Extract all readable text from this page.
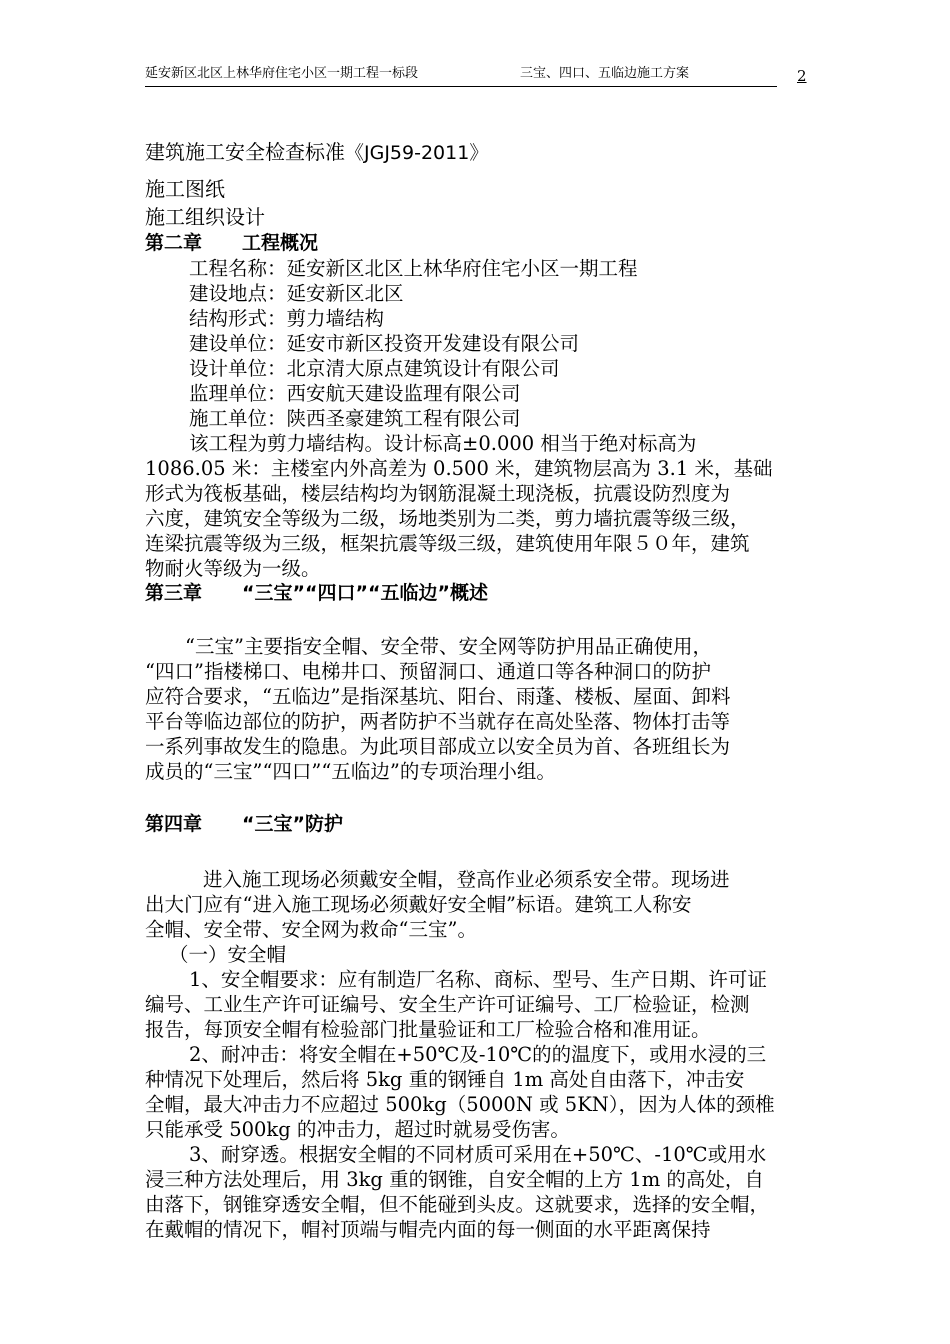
延安新区北区上林华府住宅小区一期工程一标段	三宝、四口、五临边施工方案	2
建筑施工安全检查标准《JGJ59-2011》
施工图纸
施工组织设计
第二章 工程概况
工程名称：延安新区北区上林华府住宅小区一期工程
建设地点：延安新区北区
结构形式：剪力墙结构
建设单位：延安市新区投资开发建设有限公司
设计单位：北京清大原点建筑设计有限公司
监理单位：西安航天建设监理有限公司
施工单位：陕西圣豪建筑工程有限公司
该工程为剪力墙结构。设计标高±0.000 相当于绝对标高为
1086.05 米：主楼室内外高差为 0.500 米，建筑物层高为 3.1 米，基础
形式为筏板基础，楼层结构均为钢筋混凝土现浇板，抗震设防烈度为
六度，建筑安全等级为二级，场地类别为二类，剪力墙抗震等级三级，
连梁抗震等级为三级，框架抗震等级三级，建筑使用年限５０年，建筑
物耐火等级为一级。
第三章 “三宝”“四口”“五临边”概述
“三宝”主要指安全帽、安全带、安全网等防护用品正确使用，
“四口”指楼梯口、电梯井口、预留洞口、通道口等各种洞口的防护
应符合要求，“五临边”是指深基坑、阳台、雨蓬、楼板、屋面、卸料
平台等临边部位的防护，两者防护不当就存在高处坠落、物体打击等
一系列事故发生的隐患。为此项目部成立以安全员为首、各班组长为
成员的“三宝”“四口”“五临边”的专项治理小组。
第四章 “三宝”防护
进入施工现场必须戴安全帽，登高作业必须系安全带。现场进
出大门应有“进入施工现场必须戴好安全帽”标语。建筑工人称安
全帽、安全带、安全网为救命“三宝”。
（一）安全帽
1、安全帽要求：应有制造厂名称、商标、型号、生产日期、许可证
编号、工业生产许可证编号、安全生产许可证编号、工厂检验证，检测
报告，每顶安全帽有检验部门批量验证和工厂检验合格和准用证。
2、耐冲击：将安全帽在+50℃及-10℃的的温度下，或用水浸的三
种情况下处理后，然后将 5kg 重的钢锤自 1m 高处自由落下，冲击安
全帽，最大冲击力不应超过 500kg（5000N 或 5KN），因为人体的颈椎
只能承受 500kg 的冲击力，超过时就易受伤害。
3、耐穿透。根据安全帽的不同材质可采用在+50℃、-10℃或用水
浸三种方法处理后，用 3kg 重的钢锥，自安全帽的上方 1m 的高处，自
由落下，钢锥穿透安全帽，但不能碰到头皮。这就要求，选择的安全帽，
在戴帽的情况下，帽衬顶端与帽壳内面的每一侧面的水平距离保持
